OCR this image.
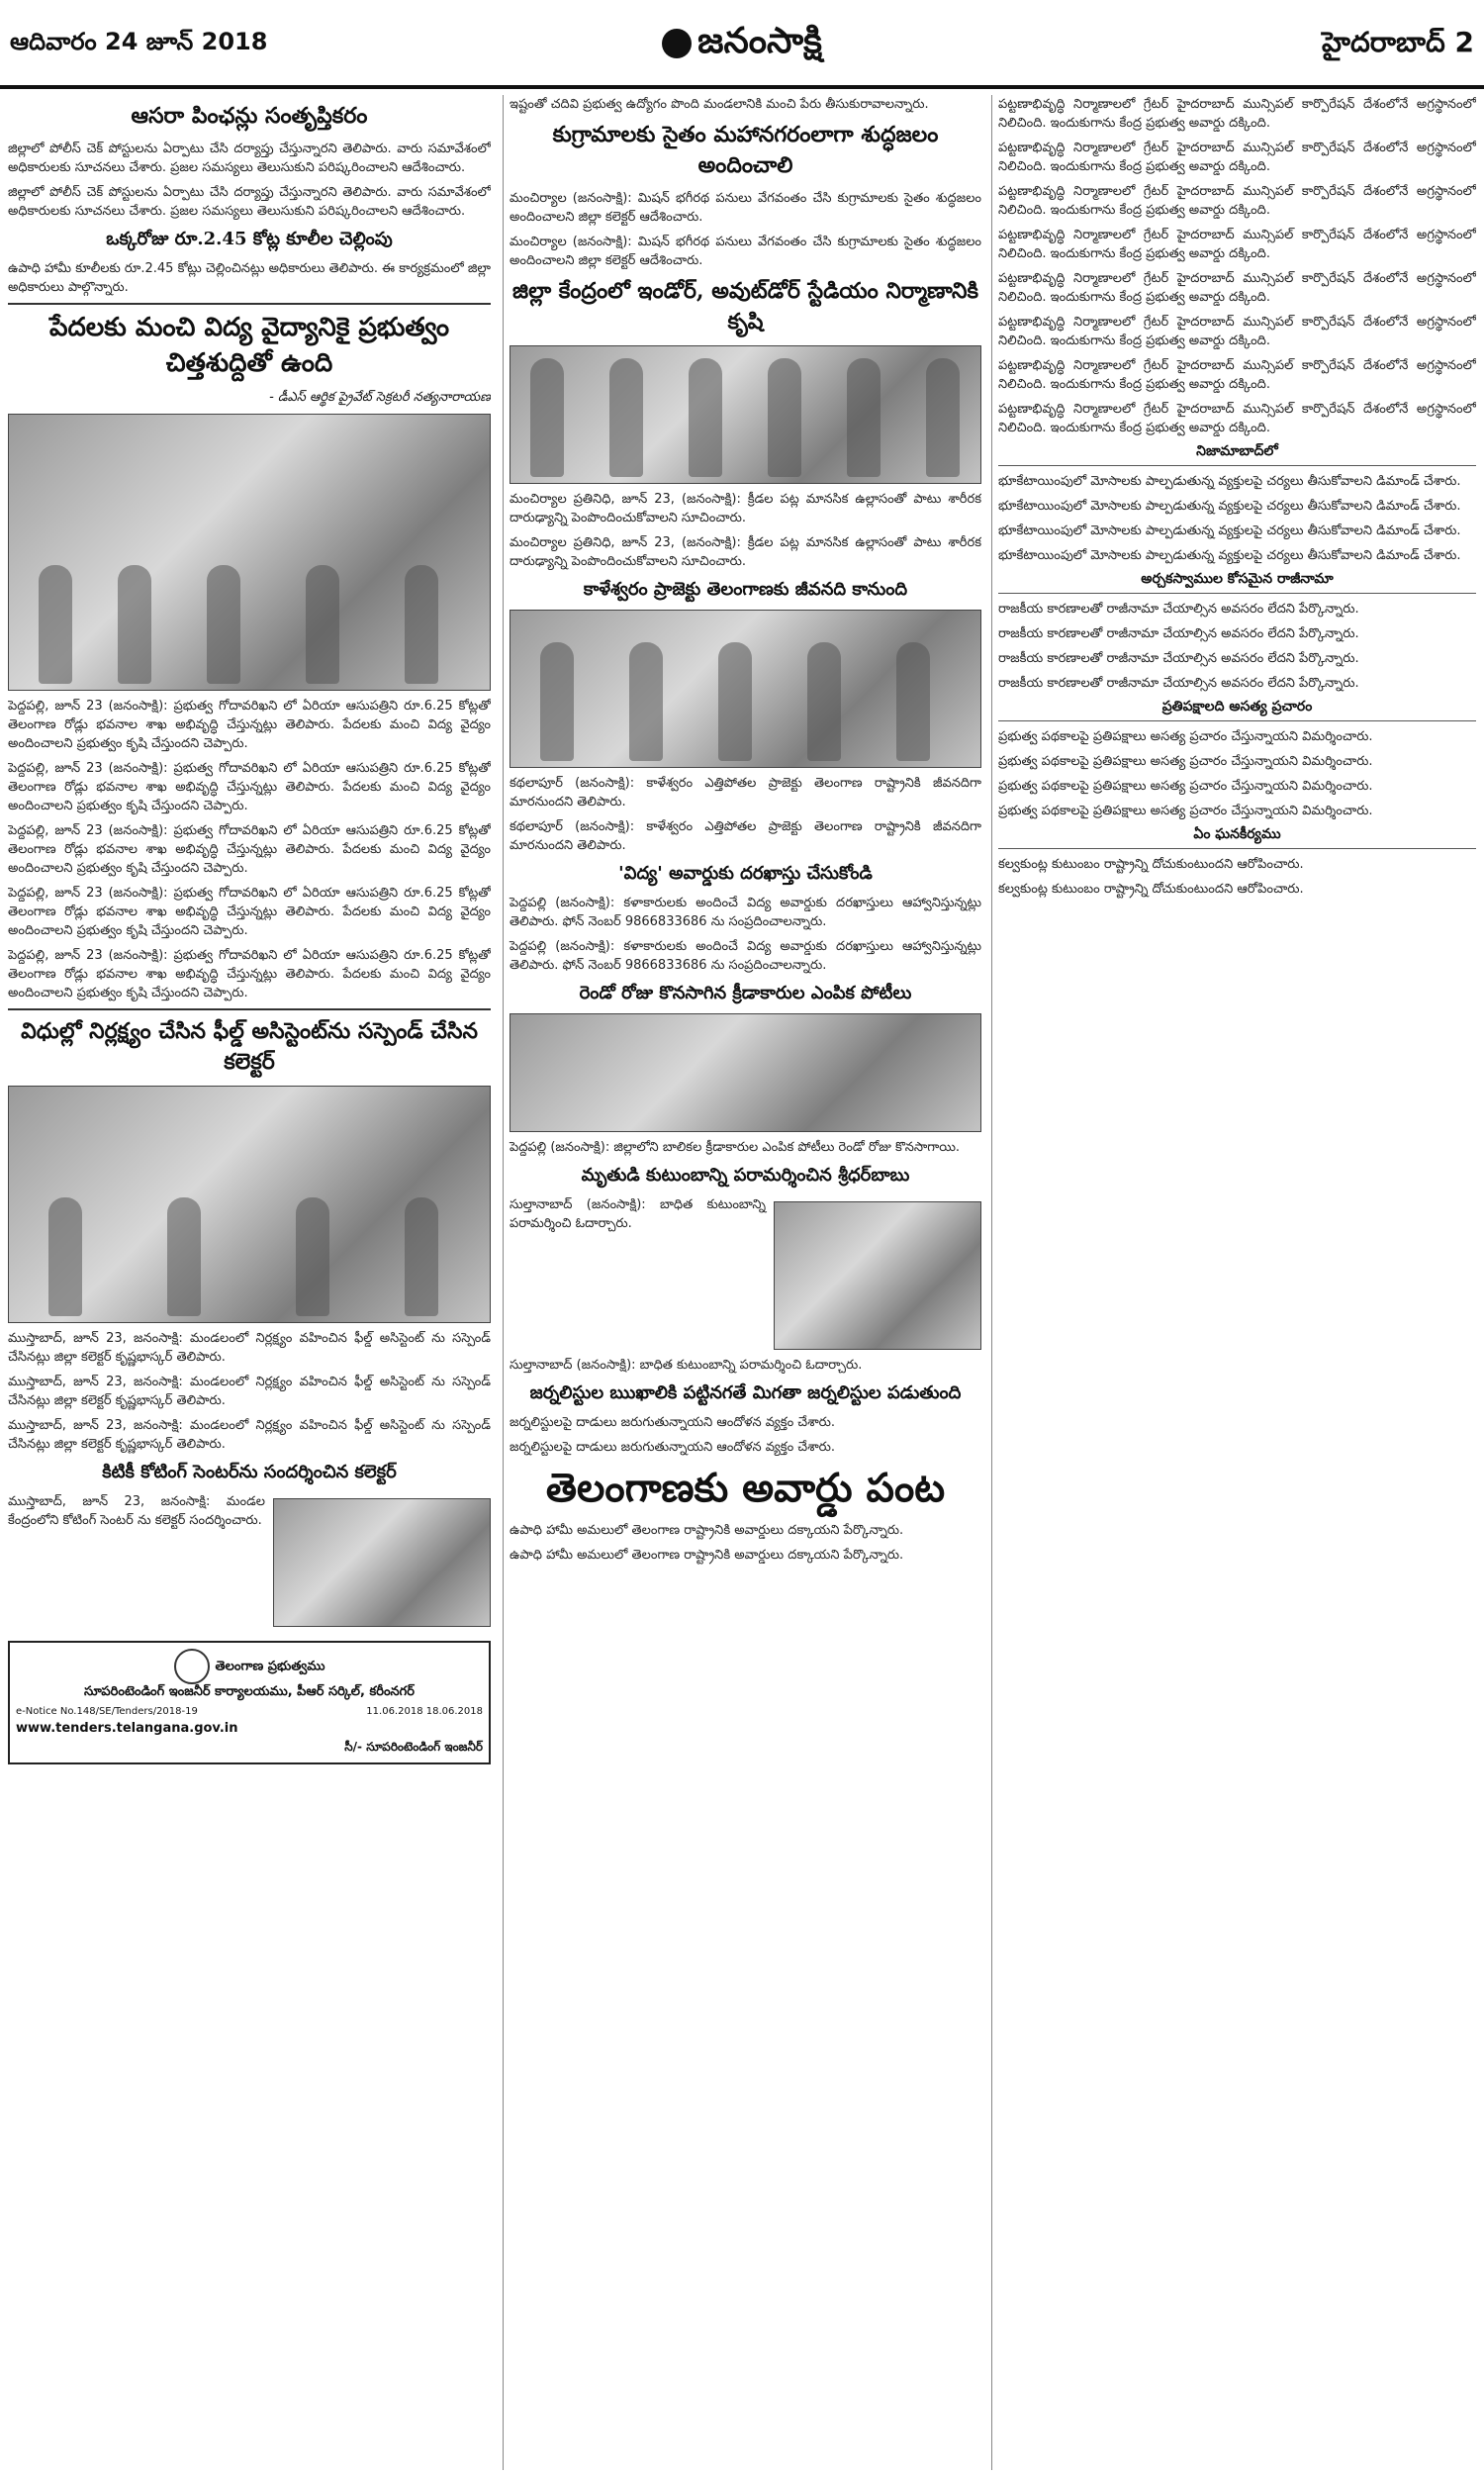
ఆదివారం 24 జూన్ 2018	జనంసాక్షి	హైదరాబాద్ 2
ఆసరా పింఛన్లు సంతృప్తికరం
జిల్లాలో పోలీస్ చెక్ పోస్టులను ఏర్పాటు చేసి దర్యాప్తు చేస్తున్నారని తెలిపారు. వారు సమావేశంలో అధికారులకు సూచనలు చేశారు. ప్రజల సమస్యలు తెలుసుకుని పరిష్కరించాలని ఆదేశించారు.
జిల్లాలో పోలీస్ చెక్ పోస్టులను ఏర్పాటు చేసి దర్యాప్తు చేస్తున్నారని తెలిపారు. వారు సమావేశంలో అధికారులకు సూచనలు చేశారు. ప్రజల సమస్యలు తెలుసుకుని పరిష్కరించాలని ఆదేశించారు.
ఒక్కరోజు రూ.2.45 కోట్ల కూలీల చెల్లింపు
ఉపాధి హామీ కూలీలకు రూ.2.45 కోట్లు చెల్లించినట్లు అధికారులు తెలిపారు. ఈ కార్యక్రమంలో జిల్లా అధికారులు పాల్గొన్నారు.
పేదలకు మంచి విద్య వైద్యానికై ప్రభుత్వం చిత్తశుద్దితో ఉంది
- డీఎస్ ఆర్థిక ప్రైవేట్ సెక్రటరీ నత్యనారాయణ
పెద్దపల్లి, జూన్ 23 (జనంసాక్షి): ప్రభుత్వ గోదావరిఖని లో ఏరియా ఆసుపత్రిని రూ.6.25 కోట్లతో తెలంగాణ రోడ్లు భవనాల శాఖ అభివృద్ధి చేస్తున్నట్లు తెలిపారు. పేదలకు మంచి విద్య వైద్యం అందించాలని ప్రభుత్వం కృషి చేస్తుందని చెప్పారు.
పెద్దపల్లి, జూన్ 23 (జనంసాక్షి): ప్రభుత్వ గోదావరిఖని లో ఏరియా ఆసుపత్రిని రూ.6.25 కోట్లతో తెలంగాణ రోడ్లు భవనాల శాఖ అభివృద్ధి చేస్తున్నట్లు తెలిపారు. పేదలకు మంచి విద్య వైద్యం అందించాలని ప్రభుత్వం కృషి చేస్తుందని చెప్పారు.
పెద్దపల్లి, జూన్ 23 (జనంసాక్షి): ప్రభుత్వ గోదావరిఖని లో ఏరియా ఆసుపత్రిని రూ.6.25 కోట్లతో తెలంగాణ రోడ్లు భవనాల శాఖ అభివృద్ధి చేస్తున్నట్లు తెలిపారు. పేదలకు మంచి విద్య వైద్యం అందించాలని ప్రభుత్వం కృషి చేస్తుందని చెప్పారు.
పెద్దపల్లి, జూన్ 23 (జనంసాక్షి): ప్రభుత్వ గోదావరిఖని లో ఏరియా ఆసుపత్రిని రూ.6.25 కోట్లతో తెలంగాణ రోడ్లు భవనాల శాఖ అభివృద్ధి చేస్తున్నట్లు తెలిపారు. పేదలకు మంచి విద్య వైద్యం అందించాలని ప్రభుత్వం కృషి చేస్తుందని చెప్పారు.
పెద్దపల్లి, జూన్ 23 (జనంసాక్షి): ప్రభుత్వ గోదావరిఖని లో ఏరియా ఆసుపత్రిని రూ.6.25 కోట్లతో తెలంగాణ రోడ్లు భవనాల శాఖ అభివృద్ధి చేస్తున్నట్లు తెలిపారు. పేదలకు మంచి విద్య వైద్యం అందించాలని ప్రభుత్వం కృషి చేస్తుందని చెప్పారు.
విధుల్లో నిర్లక్ష్యం చేసిన ఫీల్డ్ అసిస్టెంట్‌ను సస్పెండ్ చేసిన కలెక్టర్
ముస్తాబాద్, జూన్ 23, జనంసాక్షి: మండలంలో నిర్లక్ష్యం వహించిన ఫీల్డ్ అసిస్టెంట్ ను సస్పెండ్ చేసినట్లు జిల్లా కలెక్టర్ కృష్ణభాస్కర్ తెలిపారు.
ముస్తాబాద్, జూన్ 23, జనంసాక్షి: మండలంలో నిర్లక్ష్యం వహించిన ఫీల్డ్ అసిస్టెంట్ ను సస్పెండ్ చేసినట్లు జిల్లా కలెక్టర్ కృష్ణభాస్కర్ తెలిపారు.
ముస్తాబాద్, జూన్ 23, జనంసాక్షి: మండలంలో నిర్లక్ష్యం వహించిన ఫీల్డ్ అసిస్టెంట్ ను సస్పెండ్ చేసినట్లు జిల్లా కలెక్టర్ కృష్ణభాస్కర్ తెలిపారు.
కిటికీ కోటింగ్ సెంటర్‌ను సందర్శించిన కలెక్టర్
ముస్తాబాద్, జూన్ 23, జనంసాక్షి: మండల కేంద్రంలోని కోటింగ్ సెంటర్ ను కలెక్టర్ సందర్శించారు.
తెలంగాణ ప్రభుత్వము
సూపరింటెండింగ్ ఇంజనీర్ కార్యాలయము, పీఆర్ సర్కిల్, కరీంనగర్
e-Notice No.148/SE/Tenders/2018-19	11.06.2018 18.06.2018
www.tenders.telangana.gov.in
సీ/- సూపరింటెండింగ్ ఇంజనీర్
ఇష్టంతో చదివి ప్రభుత్వ ఉద్యోగం పొంది మండలానికి మంచి పేరు తీసుకురావాలన్నారు.
కుగ్రామాలకు సైతం మహానగరంలాగా శుద్ధజలం అందించాలి
మంచిర్యాల (జనంసాక్షి): మిషన్ భగీరథ పనులు వేగవంతం చేసి కుగ్రామాలకు సైతం శుద్ధజలం అందించాలని జిల్లా కలెక్టర్ ఆదేశించారు.
మంచిర్యాల (జనంసాక్షి): మిషన్ భగీరథ పనులు వేగవంతం చేసి కుగ్రామాలకు సైతం శుద్ధజలం అందించాలని జిల్లా కలెక్టర్ ఆదేశించారు.
జిల్లా కేంద్రంలో ఇండోర్, అవుట్‌డోర్ స్టేడియం నిర్మాణానికి కృషి
మంచిర్యాల ప్రతినిధి, జూన్ 23, (జనంసాక్షి): క్రీడల పట్ల మానసిక ఉల్లాసంతో పాటు శారీరక దారుఢ్యాన్ని పెంపొందించుకోవాలని సూచించారు.
మంచిర్యాల ప్రతినిధి, జూన్ 23, (జనంసాక్షి): క్రీడల పట్ల మానసిక ఉల్లాసంతో పాటు శారీరక దారుఢ్యాన్ని పెంపొందించుకోవాలని సూచించారు.
కాళేశ్వరం ప్రాజెక్టు తెలంగాణకు జీవనది కానుంది
కథలాపూర్ (జనంసాక్షి): కాళేశ్వరం ఎత్తిపోతల ప్రాజెక్టు తెలంగాణ రాష్ట్రానికి జీవనదిగా మారనుందని తెలిపారు.
కథలాపూర్ (జనంసాక్షి): కాళేశ్వరం ఎత్తిపోతల ప్రాజెక్టు తెలంగాణ రాష్ట్రానికి జీవనదిగా మారనుందని తెలిపారు.
'విద్య' అవార్డుకు దరఖాస్తు చేసుకోండి
పెద్దపల్లి (జనంసాక్షి): కళాకారులకు అందించే విద్య అవార్డుకు దరఖాస్తులు ఆహ్వానిస్తున్నట్లు తెలిపారు. ఫోన్ నెంబర్ 9866833686 ను సంప్రదించాలన్నారు.
పెద్దపల్లి (జనంసాక్షి): కళాకారులకు అందించే విద్య అవార్డుకు దరఖాస్తులు ఆహ్వానిస్తున్నట్లు తెలిపారు. ఫోన్ నెంబర్ 9866833686 ను సంప్రదించాలన్నారు.
రెండో రోజు కొనసాగిన క్రీడాకారుల ఎంపిక పోటీలు
పెద్దపల్లి (జనంసాక్షి): జిల్లాలోని బాలికల క్రీడాకారుల ఎంపిక పోటీలు రెండో రోజు కొనసాగాయి.
మృతుడి కుటుంబాన్ని పరామర్శించిన శ్రీధర్‌బాబు
సుల్తానాబాద్ (జనంసాక్షి): బాధిత కుటుంబాన్ని పరామర్శించి ఓదార్చారు.
సుల్తానాబాద్ (జనంసాక్షి): బాధిత కుటుంబాన్ని పరామర్శించి ఓదార్చారు.
జర్నలిస్టుల ఋఖాలికి పట్టినగతే మిగతా జర్నలిస్టుల పడుతుంది
జర్నలిస్టులపై దాడులు జరుగుతున్నాయని ఆందోళన వ్యక్తం చేశారు.
జర్నలిస్టులపై దాడులు జరుగుతున్నాయని ఆందోళన వ్యక్తం చేశారు.
తెలంగాణకు అవార్డు పంట
ఉపాధి హామీ అమలులో తెలంగాణ రాష్ట్రానికి అవార్డులు దక్కాయని పేర్కొన్నారు.
ఉపాధి హామీ అమలులో తెలంగాణ రాష్ట్రానికి అవార్డులు దక్కాయని పేర్కొన్నారు.
పట్టణాభివృద్ధి నిర్మాణాలలో గ్రేటర్ హైదరాబాద్ మున్సిపల్ కార్పొరేషన్ దేశంలోనే అగ్రస్థానంలో నిలిచింది. ఇందుకుగాను కేంద్ర ప్రభుత్వ అవార్డు దక్కింది.
పట్టణాభివృద్ధి నిర్మాణాలలో గ్రేటర్ హైదరాబాద్ మున్సిపల్ కార్పొరేషన్ దేశంలోనే అగ్రస్థానంలో నిలిచింది. ఇందుకుగాను కేంద్ర ప్రభుత్వ అవార్డు దక్కింది.
పట్టణాభివృద్ధి నిర్మాణాలలో గ్రేటర్ హైదరాబాద్ మున్సిపల్ కార్పొరేషన్ దేశంలోనే అగ్రస్థానంలో నిలిచింది. ఇందుకుగాను కేంద్ర ప్రభుత్వ అవార్డు దక్కింది.
పట్టణాభివృద్ధి నిర్మాణాలలో గ్రేటర్ హైదరాబాద్ మున్సిపల్ కార్పొరేషన్ దేశంలోనే అగ్రస్థానంలో నిలిచింది. ఇందుకుగాను కేంద్ర ప్రభుత్వ అవార్డు దక్కింది.
పట్టణాభివృద్ధి నిర్మాణాలలో గ్రేటర్ హైదరాబాద్ మున్సిపల్ కార్పొరేషన్ దేశంలోనే అగ్రస్థానంలో నిలిచింది. ఇందుకుగాను కేంద్ర ప్రభుత్వ అవార్డు దక్కింది.
పట్టణాభివృద్ధి నిర్మాణాలలో గ్రేటర్ హైదరాబాద్ మున్సిపల్ కార్పొరేషన్ దేశంలోనే అగ్రస్థానంలో నిలిచింది. ఇందుకుగాను కేంద్ర ప్రభుత్వ అవార్డు దక్కింది.
పట్టణాభివృద్ధి నిర్మాణాలలో గ్రేటర్ హైదరాబాద్ మున్సిపల్ కార్పొరేషన్ దేశంలోనే అగ్రస్థానంలో నిలిచింది. ఇందుకుగాను కేంద్ర ప్రభుత్వ అవార్డు దక్కింది.
పట్టణాభివృద్ధి నిర్మాణాలలో గ్రేటర్ హైదరాబాద్ మున్సిపల్ కార్పొరేషన్ దేశంలోనే అగ్రస్థానంలో నిలిచింది. ఇందుకుగాను కేంద్ర ప్రభుత్వ అవార్డు దక్కింది.
నిజామాబాద్‌లో
భూకేటాయింపులో మోసాలకు పాల్పడుతున్న వ్యక్తులపై చర్యలు తీసుకోవాలని డిమాండ్ చేశారు.
భూకేటాయింపులో మోసాలకు పాల్పడుతున్న వ్యక్తులపై చర్యలు తీసుకోవాలని డిమాండ్ చేశారు.
భూకేటాయింపులో మోసాలకు పాల్పడుతున్న వ్యక్తులపై చర్యలు తీసుకోవాలని డిమాండ్ చేశారు.
భూకేటాయింపులో మోసాలకు పాల్పడుతున్న వ్యక్తులపై చర్యలు తీసుకోవాలని డిమాండ్ చేశారు.
అర్చకస్వాముల కోసమైన రాజీనామా
రాజకీయ కారణాలతో రాజీనామా చేయాల్సిన అవసరం లేదని పేర్కొన్నారు.
రాజకీయ కారణాలతో రాజీనామా చేయాల్సిన అవసరం లేదని పేర్కొన్నారు.
రాజకీయ కారణాలతో రాజీనామా చేయాల్సిన అవసరం లేదని పేర్కొన్నారు.
రాజకీయ కారణాలతో రాజీనామా చేయాల్సిన అవసరం లేదని పేర్కొన్నారు.
ప్రతిపక్షాలది అసత్య ప్రచారం
ప్రభుత్వ పథకాలపై ప్రతిపక్షాలు అసత్య ప్రచారం చేస్తున్నాయని విమర్శించారు.
ప్రభుత్వ పథకాలపై ప్రతిపక్షాలు అసత్య ప్రచారం చేస్తున్నాయని విమర్శించారు.
ప్రభుత్వ పథకాలపై ప్రతిపక్షాలు అసత్య ప్రచారం చేస్తున్నాయని విమర్శించారు.
ప్రభుత్వ పథకాలపై ప్రతిపక్షాలు అసత్య ప్రచారం చేస్తున్నాయని విమర్శించారు.
ఏం ఘనకీర్యము
కల్వకుంట్ల కుటుంబం రాష్ట్రాన్ని దోచుకుంటుందని ఆరోపించారు.
కల్వకుంట్ల కుటుంబం రాష్ట్రాన్ని దోచుకుంటుందని ఆరోపించారు.
